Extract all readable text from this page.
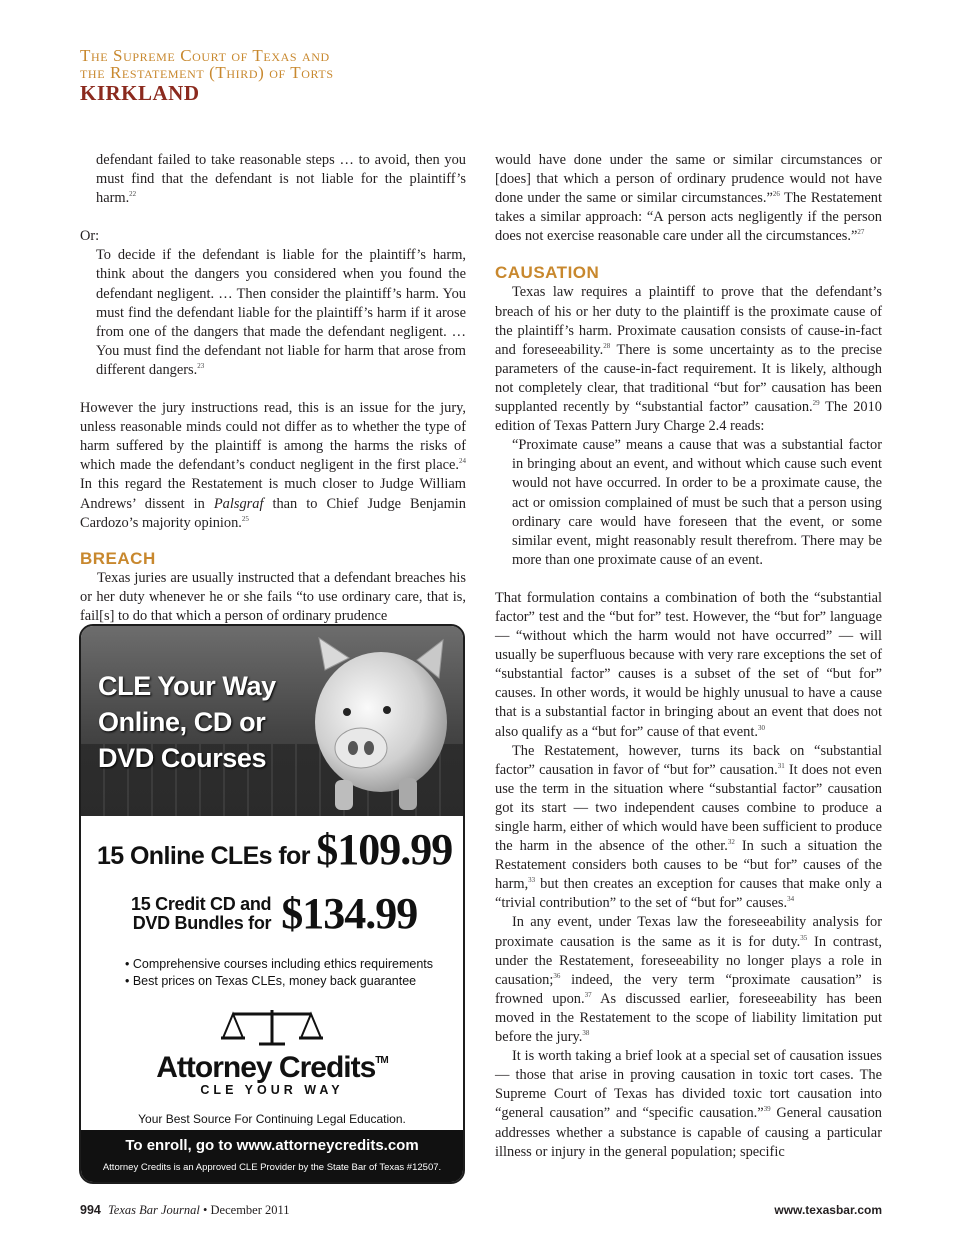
The Supreme Court of Texas and
the Restatement (Third) of Torts
KIRKLAND

defendant failed to take reasonable steps … to avoid, then you must find that the defendant is not liable for the plaintiff’s harm.$^{22}$

Or:

To decide if the defendant is liable for the plaintiff’s harm, think about the dangers you considered when you found the defendant negligent. … Then consider the plaintiff’s harm. You must find the defendant liable for the plaintiff’s harm if it arose from one of the dangers that made the defendant negligent. … You must find the defendant not liable for harm that arose from different dangers.$^{23}$

However the jury instructions read, this is an issue for the jury, unless reasonable minds could not differ as to whether the type of harm suffered by the plaintiff is among the harms the risks of which made the defendant’s conduct negligent in the first place.$^{24}$ In this regard the Restatement is much closer to Judge William Andrews’ dissent in Palsgraf than to Chief Judge Benjamin Cardozo’s majority opinion.$^{25}$

BREACH

Texas juries are usually instructed that a defendant breaches his or her duty whenever he or she fails “to use ordinary care, that is, fail[s] to do that which a person of ordinary prudence

would have done under the same or similar circumstances or [does] that which a person of ordinary prudence would not have done under the same or similar circumstances.”$^{26}$ The Restatement takes a similar approach: “A person acts negligently if the person does not exercise reasonable care under all the circumstances.”$^{27}$

CAUSATION

Texas law requires a plaintiff to prove that the defendant’s breach of his or her duty to the plaintiff is the proximate cause of the plaintiff’s harm. Proximate causation consists of cause-in-fact and foreseeability.$^{28}$ There is some uncertainty as to the precise parameters of the cause-in-fact requirement. It is likely, although not completely clear, that traditional “but for” causation has been supplanted recently by “substantial factor” causation.$^{29}$ The 2010 edition of Texas Pattern Jury Charge 2.4 reads:

“Proximate cause” means a cause that was a substantial factor in bringing about an event, and without which cause such event would not have occurred. In order to be a proximate cause, the act or omission complained of must be such that a person using ordinary care would have foreseen that the event, or some similar event, might reasonably result therefrom. There may be more than one proximate cause of an event.

That formulation contains a combination of both the “substantial factor” test and the “but for” test. However, the “but for” language — “without which the harm would not have occurred” — will usually be superfluous because with very rare exceptions the set of “substantial factor” causes is a subset of the set of “but for” causes. In other words, it would be highly unusual to have a cause that is a substantial factor in bringing about an event that does not also qualify as a “but for” cause of that event.$^{30}$

The Restatement, however, turns its back on “substantial factor” causation in favor of “but for” causation.$^{31}$ It does not even use the term in the situation where “substantial factor” causation got its start — two independent causes combine to produce a single harm, either of which would have been sufficient to produce the harm in the absence of the other.$^{32}$ In such a situation the Restatement considers both causes to be “but for” causes of the harm,$^{33}$ but then creates an exception for causes that make only a “trivial contribution” to the set of “but for” causes.$^{34}$

In any event, under Texas law the foreseeability analysis for proximate causation is the same as it is for duty.$^{35}$ In contrast, under the Restatement, foreseeability no longer plays a role in causation;$^{36}$ indeed, the very term “proximate causation” is frowned upon.$^{37}$ As discussed earlier, foreseeability has been moved in the Restatement to the scope of liability limitation put before the jury.$^{38}$

It is worth taking a brief look at a special set of causation issues — those that arise in proving causation in toxic tort cases. The Supreme Court of Texas has divided toxic tort causation into “general causation” and “specific causation.”$^{39}$ General causation addresses whether a substance is capable of causing a particular illness or injury in the general population; specific

CLE Your Way
Online, CD or
DVD Courses
15 Online CLEs for $109.99
15 Credit CD and
DVD Bundles for $134.99
• Comprehensive courses including ethics requirements
• Best prices on Texas CLEs, money back guarantee
Attorney Credits™
CLE YOUR WAY
Your Best Source For Continuing Legal Education.
To enroll, go to www.attorneycredits.com
Attorney Credits is an Approved CLE Provider by the State Bar of Texas #12507.
994 Texas Bar Journal • December 2011	www.texasbar.com
